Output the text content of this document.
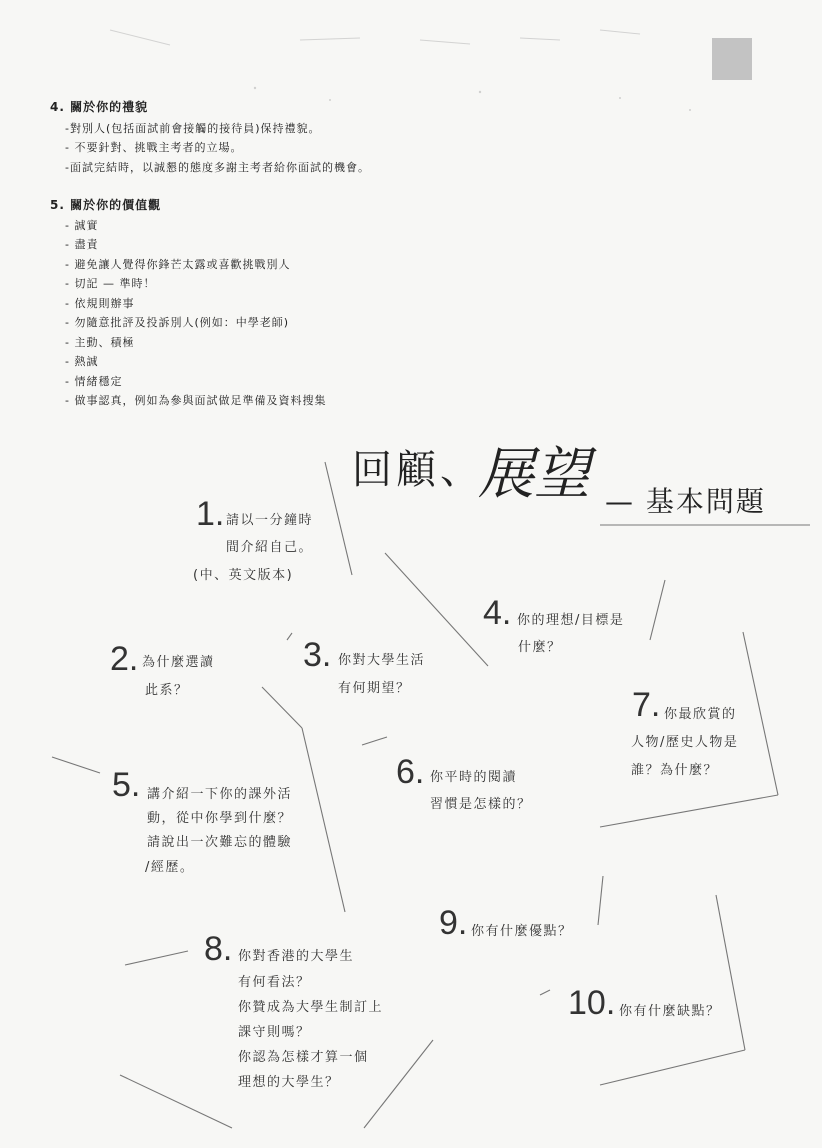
4. 關於你的禮貌
-對別人(包括面試前會接觸的接待員)保持禮貌。
- 不要針對、挑戰主考者的立場。
-面試完結時，以誠懇的態度多謝主考者給你面試的機會。
5. 關於你的價值觀
- 誠實
- 盡責
- 避免讓人覺得你鋒芒太露或喜歡挑戰別人
- 切記 — 準時！
- 依規則辦事
- 勿隨意批評及投訴別人(例如：中學老師)
- 主動、積極
- 熱誠
- 情緒穩定
- 做事認真，例如為參與面試做足準備及資料搜集
回顧、
展望 — 基本問題
1. 請以一分鐘時
間介紹自己。
(中、英文版本)
2. 為什麼選讀
此系？
3. 你對大學生活
有何期望？
4. 你的理想/目標是
什麼？
5. 講介紹一下你的課外活
動，從中你學到什麼？
請說出一次難忘的體驗
/經歷。
6. 你平時的閱讀
習慣是怎樣的？
7. 你最欣賞的
人物/歷史人物是
誰？為什麼？
8. 你對香港的大學生
有何看法？
你贊成為大學生制訂上
課守則嗎？
你認為怎樣才算一個
理想的大學生？
9. 你有什麼優點？
10. 你有什麼缺點？
